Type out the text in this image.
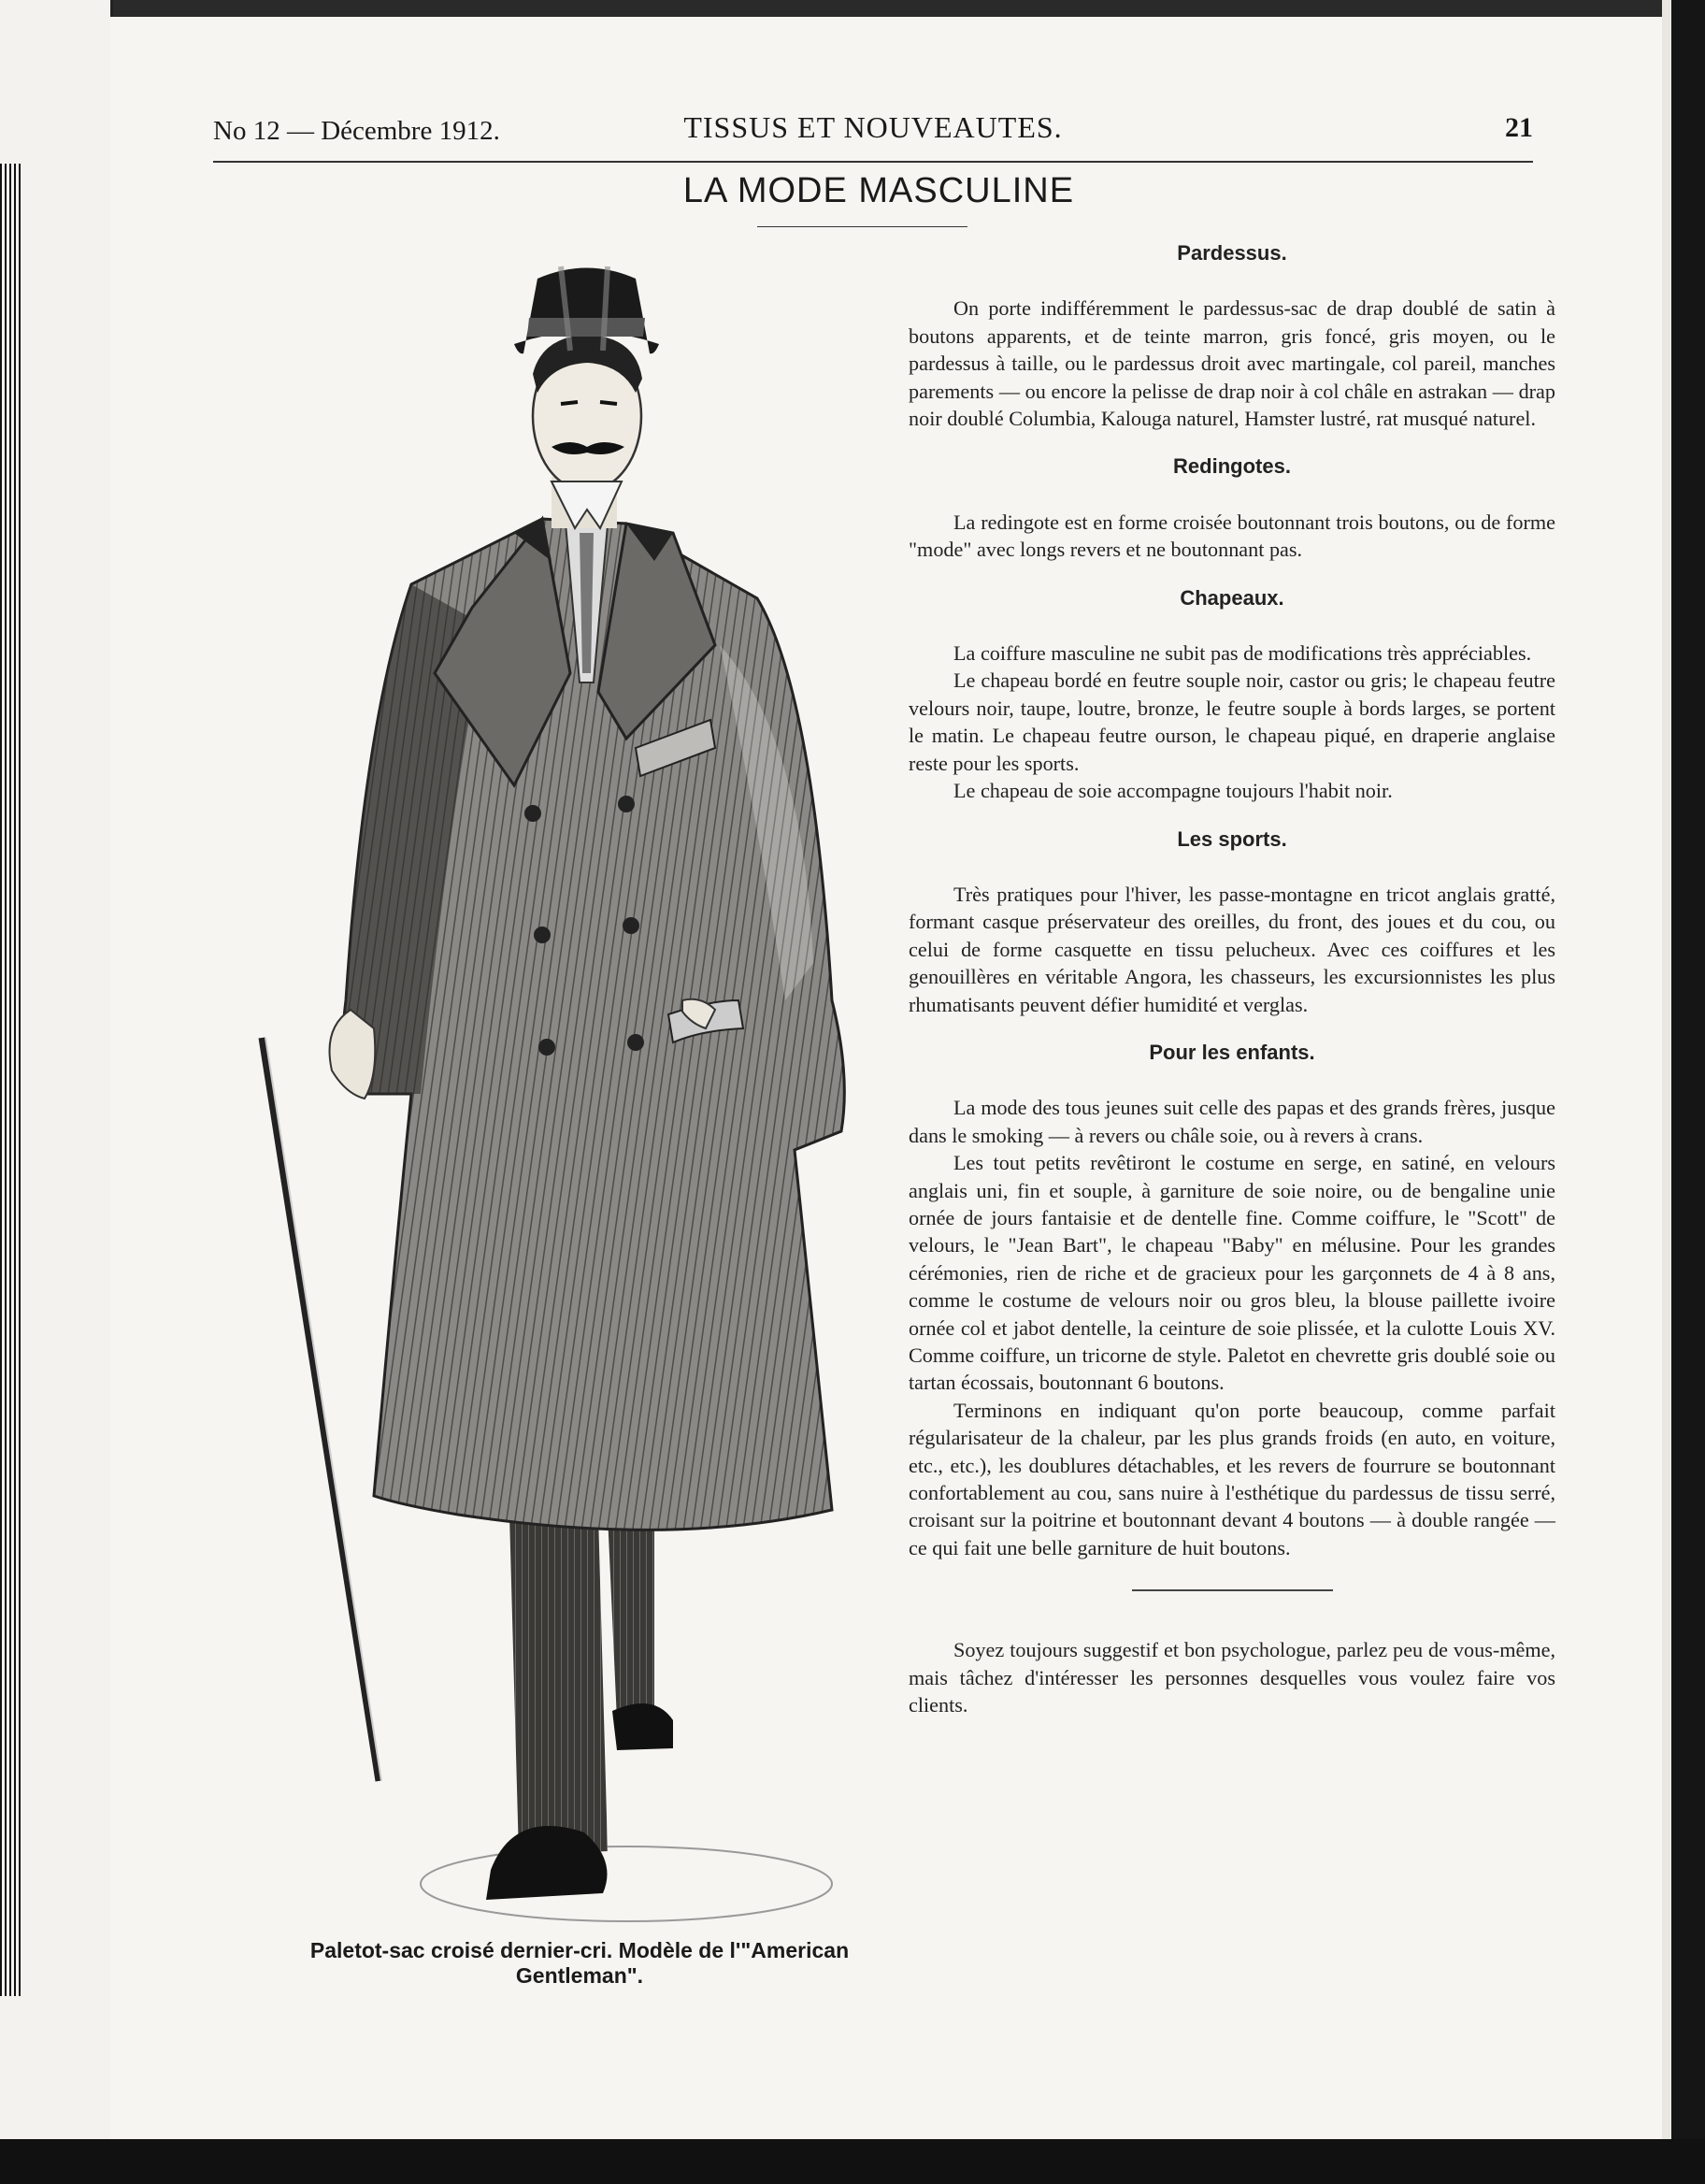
No 12 — Décembre 1912.	TISSUS ET NOUVEAUTES.	21
LA MODE MASCULINE
Paletot-sac croisé dernier-cri. Modèle de l'"American
Gentleman".
Pardessus.

On porte indifféremment le pardessus-sac de drap doublé de satin à boutons apparents, et de teinte marron, gris foncé, gris moyen, ou le pardessus à taille, ou le pardessus droit avec martingale, col pareil, manches parements — ou encore la pelisse de drap noir à col châle en astrakan — drap noir doublé Columbia, Kalouga naturel, Hamster lustré, rat musqué naturel.

Redingotes.

La redingote est en forme croisée boutonnant trois boutons, ou de forme "mode" avec longs revers et ne boutonnant pas.

Chapeaux.

La coiffure masculine ne subit pas de modifications très appréciables.

Le chapeau bordé en feutre souple noir, castor ou gris; le chapeau feutre velours noir, taupe, loutre, bronze, le feutre souple à bords larges, se portent le matin. Le chapeau feutre ourson, le chapeau piqué, en draperie anglaise reste pour les sports.

Le chapeau de soie accompagne toujours l'habit noir.

Les sports.

Très pratiques pour l'hiver, les passe-montagne en tricot anglais gratté, formant casque préservateur des oreilles, du front, des joues et du cou, ou celui de forme casquette en tissu pelucheux. Avec ces coiffures et les genouillères en véritable Angora, les chasseurs, les excursionnistes les plus rhumatisants peuvent défier humidité et verglas.

Pour les enfants.

La mode des tous jeunes suit celle des papas et des grands frères, jusque dans le smoking — à revers ou châle soie, ou à revers à crans.

Les tout petits revêtiront le costume en serge, en satiné, en velours anglais uni, fin et souple, à garniture de soie noire, ou de bengaline unie ornée de jours fantaisie et de dentelle fine. Comme coiffure, le "Scott" de velours, le "Jean Bart", le chapeau "Baby" en mélusine. Pour les grandes cérémonies, rien de riche et de gracieux pour les garçonnets de 4 à 8 ans, comme le costume de velours noir ou gros bleu, la blouse paillette ivoire ornée col et jabot dentelle, la ceinture de soie plissée, et la culotte Louis XV. Comme coiffure, un tricorne de style. Paletot en chevrette gris doublé soie ou tartan écossais, boutonnant 6 boutons.

Terminons en indiquant qu'on porte beaucoup, comme parfait régularisateur de la chaleur, par les plus grands froids (en auto, en voiture, etc., etc.), les doublures détachables, et les revers de fourrure se boutonnant confortablement au cou, sans nuire à l'esthétique du pardessus de tissu serré, croisant sur la poitrine et boutonnant devant 4 boutons — à double rangée — ce qui fait une belle garniture de huit boutons.

Soyez toujours suggestif et bon psychologue, parlez peu de vous-même, mais tâchez d'intéresser les personnes desquelles vous voulez faire vos clients.
